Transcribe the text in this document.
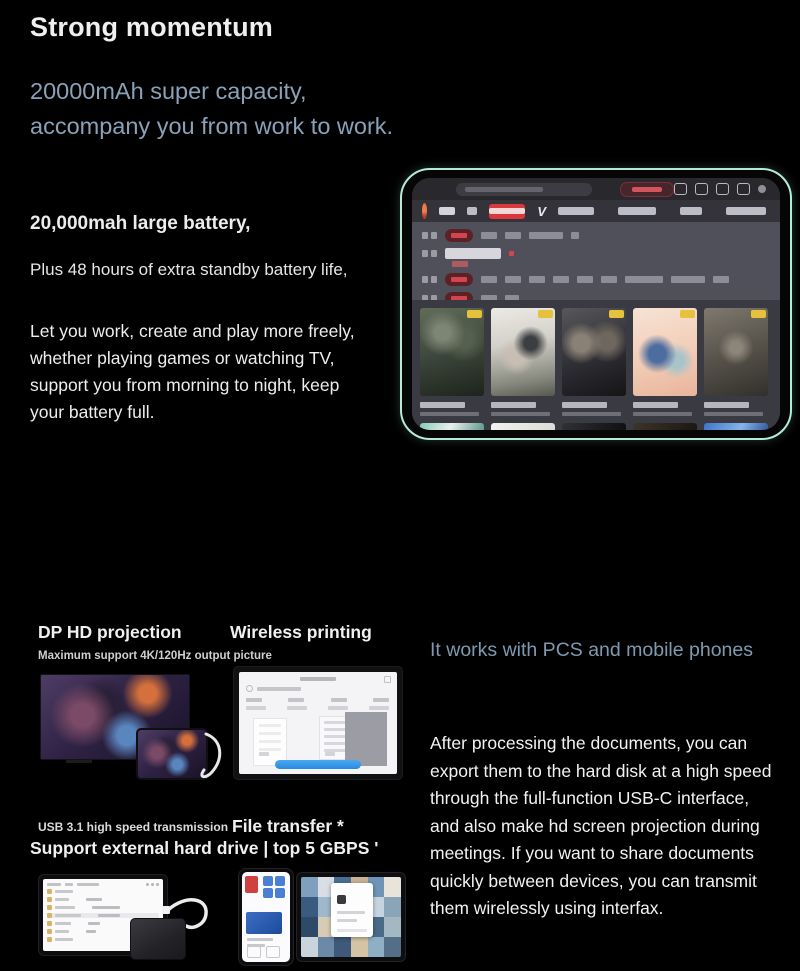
Strong momentum
20000mAh super capacity,
accompany you from work to work.
20,000mah large battery,
Plus 48 hours of extra standby battery life,
Let you work, create and play more freely, whether playing games or watching TV, support you from morning to night, keep your battery full.
V
DP HD projection	Wireless printing
Maximum support 4K/120Hz output picture
USB 3.1 high speed transmission File transfer *
Support external hard drive | top 5 GBPS '
It works with PCS and mobile phones
After processing the documents, you can export them to the hard disk at a high speed through the full-function USB-C interface, and also make hd screen projection during meetings. If you want to share documents quickly between devices, you can transmit them wirelessly using interfax.
